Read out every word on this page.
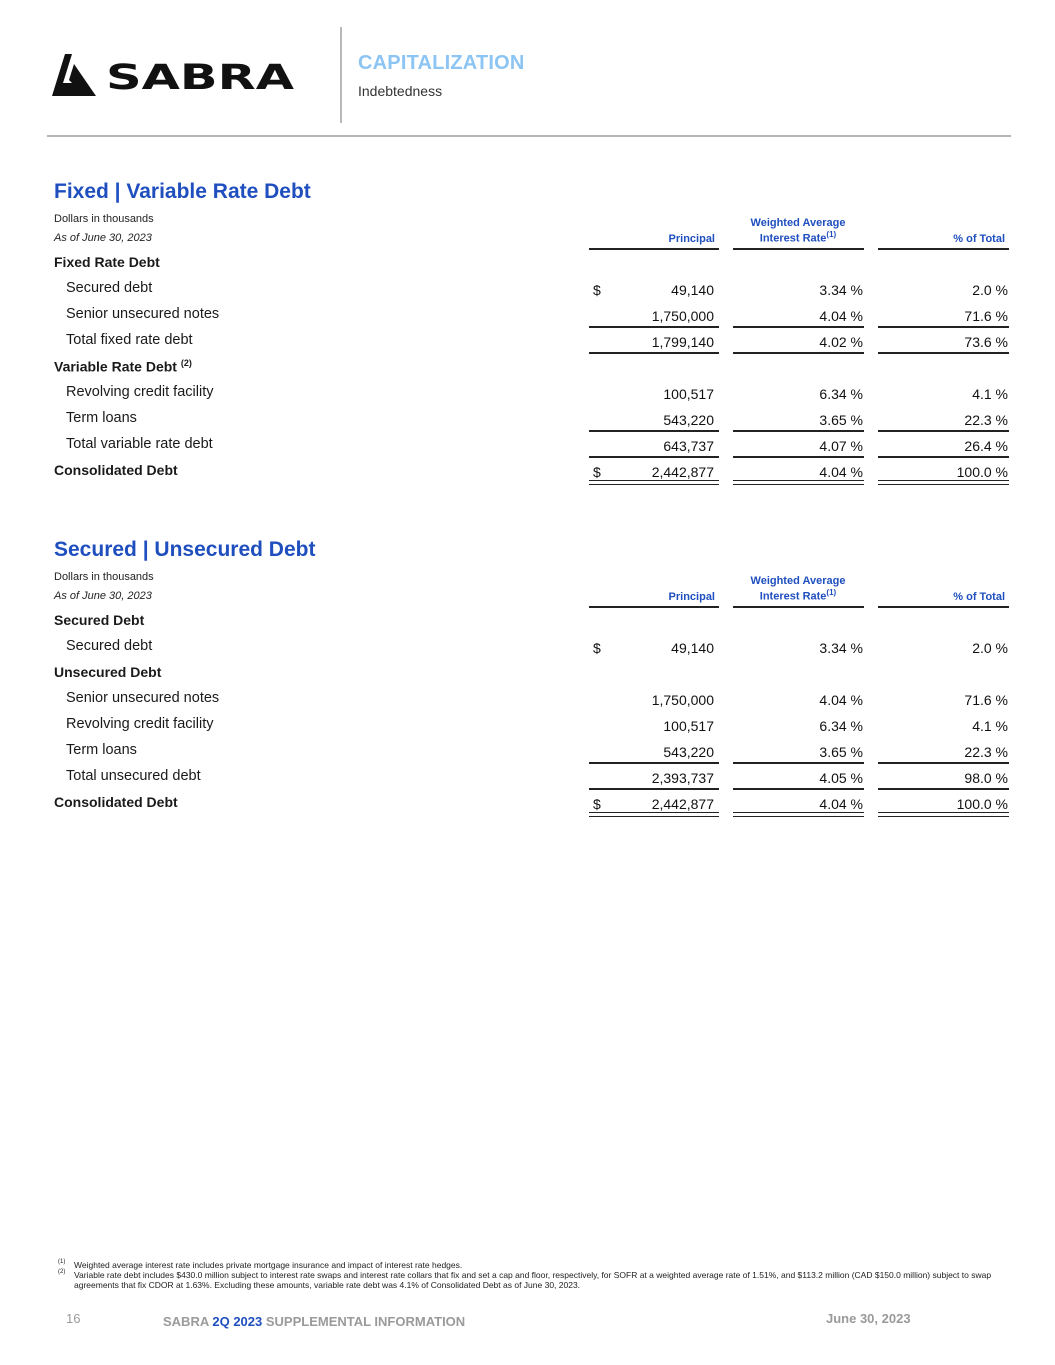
SABRA	CAPITALIZATION
Indebtedness
Fixed | Variable Rate Debt
Dollars in thousands
As of June 30, 2023	Principal
Weighted Average
Interest Rate$^{(1)}$	% of Total
Fixed Rate Debt
Secured debt	$	49,140	3.34 %	2.0 %
Senior unsecured notes	1,750,000	4.04 %	71.6 %
Total fixed rate debt	1,799,140	4.02 %	73.6 %
Variable Rate Debt $^{(2)}$
Revolving credit facility	100,517	6.34 %	4.1 %
Term loans	543,220	3.65 %	22.3 %
Total variable rate debt	643,737	4.07 %	26.4 %
Consolidated Debt	$	2,442,877	4.04 %	100.0 %
Secured | Unsecured Debt
Dollars in thousands
As of June 30, 2023	Principal
Weighted Average
Interest Rate$^{(1)}$	% of Total
Secured Debt
Secured debt	$	49,140	3.34 %	2.0 %
Unsecured Debt
Senior unsecured notes	1,750,000	4.04 %	71.6 %
Revolving credit facility	100,517	6.34 %	4.1 %
Term loans	543,220	3.65 %	22.3 %
Total unsecured debt	2,393,737	4.05 %	98.0 %
Consolidated Debt	$	2,442,877	4.04 %	100.0 %
(1) Weighted average interest rate includes private mortgage insurance and impact of interest rate hedges.
(2) Variable rate debt includes $430.0 million subject to interest rate swaps and interest rate collars that fix and set a cap and floor, respectively, for SOFR at a weighted average rate of 1.51%, and $113.2 million (CAD $150.0 million) subject to swap agreements that fix CDOR at 1.63%. Excluding these amounts, variable rate debt was 4.1% of Consolidated Debt as of June 30, 2023.
16	SABRA 2Q 2023 SUPPLEMENTAL INFORMATION	June 30, 2023
